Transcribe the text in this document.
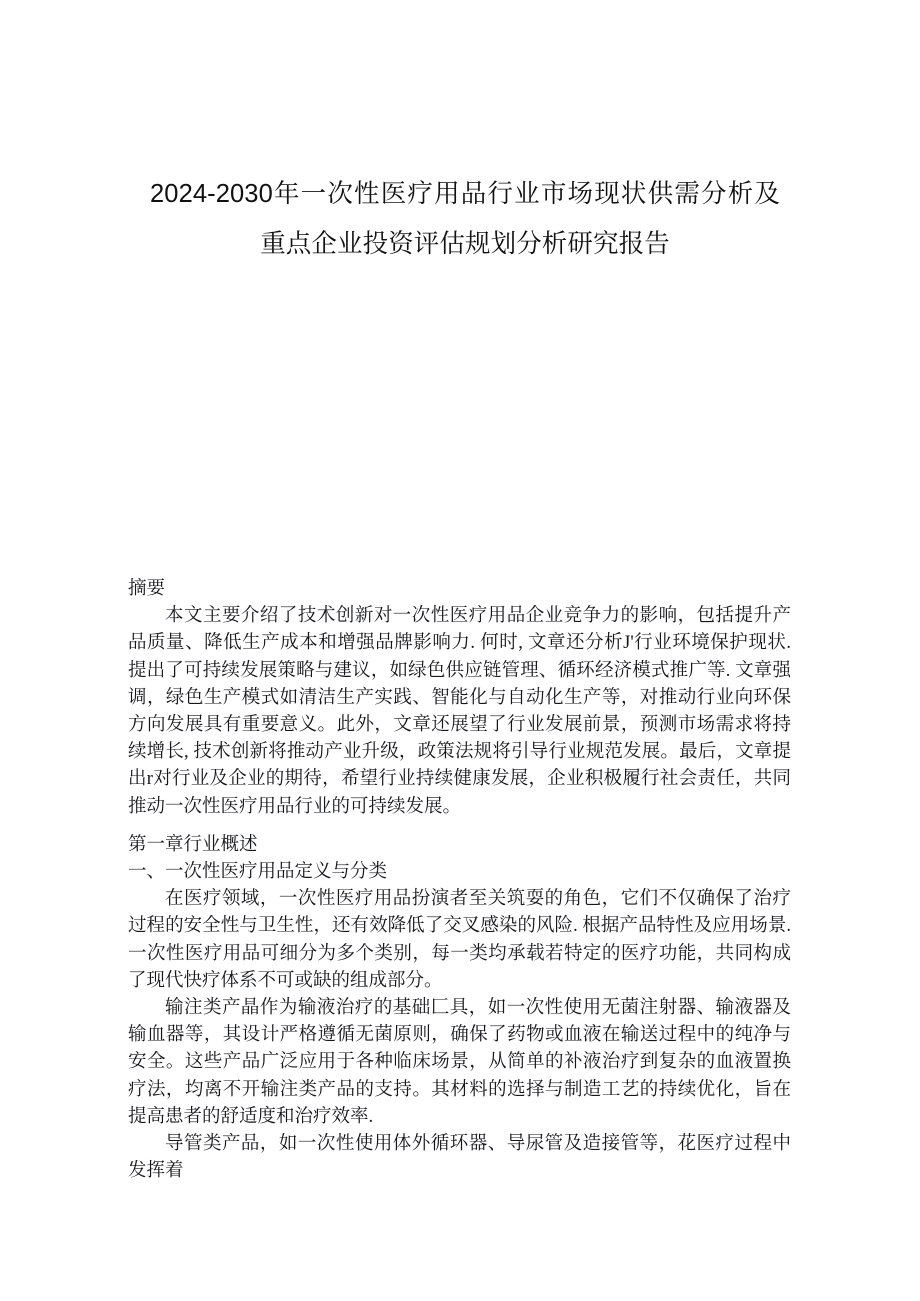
2024-2030年一次性医疗用品行业市场现状供需分析及重点企业投资评估规划分析研究报告

摘要

本文主要介绍了技术创新对一次性医疗用品企业竞争力的影响，包括提升产品质量、降低生产成本和增强品牌影响力. 何时, 文章还分析J'行业环境保护现状. 提出了可持续发展策略与建议，如绿色供应链管理、循环经济模式推广等. 文章强调，绿色生产模式如清洁生产实践、智能化与自动化生产等，对推动行业向环保方向发展具有重要意义。此外，文章还展望了行业发展前景，预测市场需求将持续增长, 技术创新将推动产业升级，政策法规将引导行业规范发展。最后，文章提出r对行业及企业的期待，希望行业持续健康发展，企业积极履行社会责任，共同推动一次性医疗用品行业的可持续发展。

第一章行业概述

一、一次性医疗用品定义与分类

在医疗领域，一次性医疗用品扮演者至关筑耍的角色，它们不仅确保了治疗过程的安全性与卫生性，还有效降低了交叉感染的风险. 根据产品特性及应用场景. 一次性医疗用品可细分为多个类别，每一类均承载若特定的医疗功能，共同构成了现代快疗体系不可或缺的组成部分。

输注类产晶作为输液治疗的基础匚具，如一次性使用无菌注射器、输液器及输血器等，其设计严格遵循无菌原则，确保了药物或血液在输送过程中的纯净与安全。这些产品广泛应用于各种临床场景，从简单的补液治疗到复杂的血液置换疗法，均离不开输注类产品的支持。其材料的选择与制造工艺的持续优化，旨在提高患者的舒适度和治疗效率.

导管类产品，如一次性使用体外循环器、导尿管及造接管等，花医疗过程中发挥着
